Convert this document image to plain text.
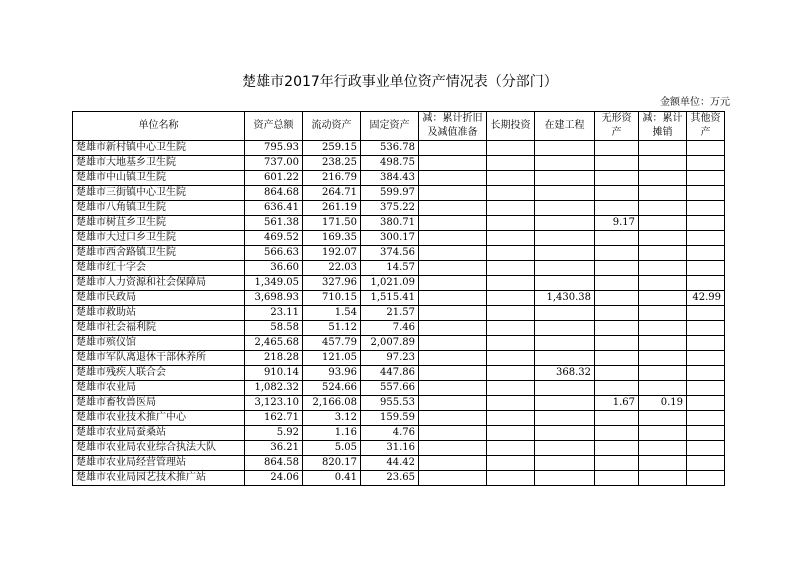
楚雄市2017年行政事业单位资产情况表（分部门）
金额单位：万元
单位名称	资产总额	流动资产	固定资产	减：累计折旧及减值准备	长期投资	在建工程	无形资产	减：累计摊销	其他资产
楚雄市新村镇中心卫生院	795.93	259.15	536.78						
楚雄市大地基乡卫生院	737.00	238.25	498.75						
楚雄市中山镇卫生院	601.22	216.79	384.43						
楚雄市三街镇中心卫生院	864.68	264.71	599.97						
楚雄市八角镇卫生院	636.41	261.19	375.22						
楚雄市树苴乡卫生院	561.38	171.50	380.71				9.17		
楚雄市大过口乡卫生院	469.52	169.35	300.17						
楚雄市西舍路镇卫生院	566.63	192.07	374.56						
楚雄市红十字会	36.60	22.03	14.57						
楚雄市人力资源和社会保障局	1,349.05	327.96	1,021.09						
楚雄市民政局	3,698.93	710.15	1,515.41			1,430.38			42.99
楚雄市救助站	23.11	1.54	21.57						
楚雄市社会福利院	58.58	51.12	7.46						
楚雄市殡仪馆	2,465.68	457.79	2,007.89						
楚雄市军队离退休干部休养所	218.28	121.05	97.23						
楚雄市残疾人联合会	910.14	93.96	447.86			368.32			
楚雄市农业局	1,082.32	524.66	557.66						
楚雄市畜牧兽医局	3,123.10	2,166.08	955.53				1.67	0.19	
楚雄市农业技术推广中心	162.71	3.12	159.59						
楚雄市农业局蚕桑站	5.92	1.16	4.76						
楚雄市农业局农业综合执法大队	36.21	5.05	31.16						
楚雄市农业局经营管理站	864.58	820.17	44.42						
楚雄市农业局园艺技术推广站	24.06	0.41	23.65						
